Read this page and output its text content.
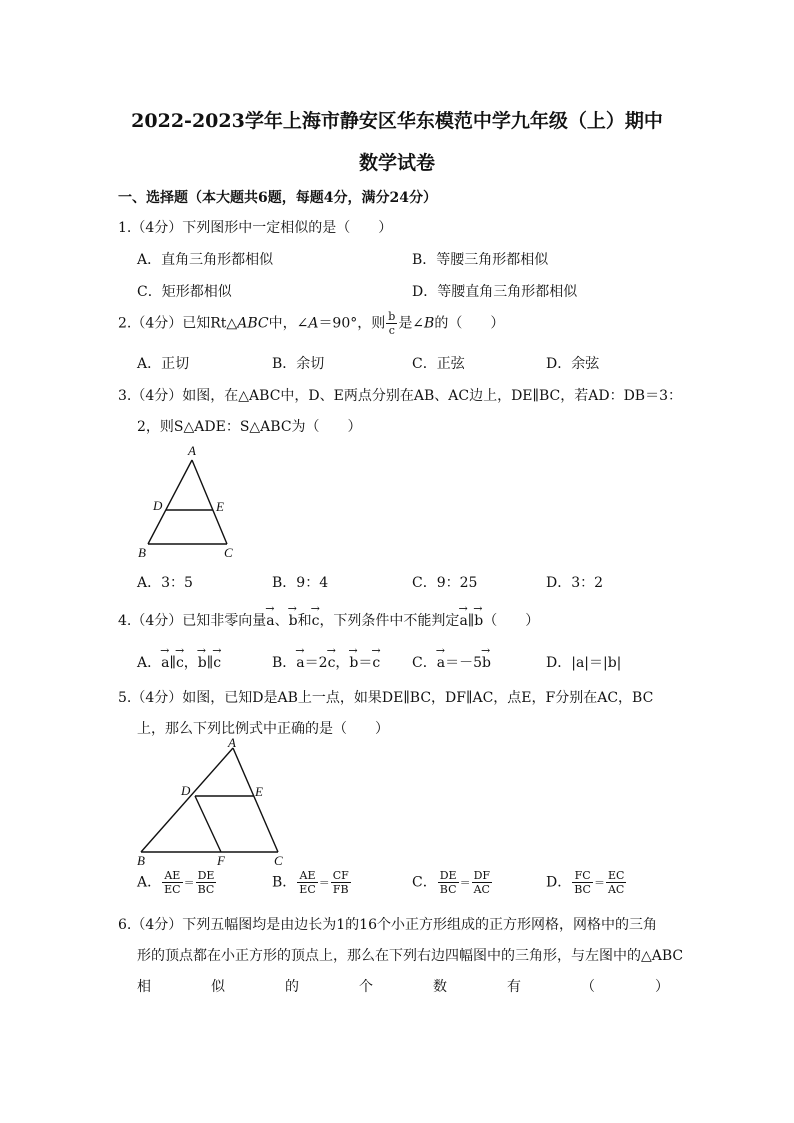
2022-2023学年上海市静安区华东模范中学九年级（上）期中
数学试卷
一、选择题（本大题共6题，每题4分，满分24分）
1.（4分）下列图形中一定相似的是（　　）
A．直角三角形都相似	B．等腰三角形都相似
C．矩形都相似	D．等腰直角三角形都相似
2.（4分）已知Rt△ABC中，∠A＝90°，则 $\frac{b}{c}$ 是∠B的（　　）
A．正切	B．余切	C．正弦	D．余弦
3.（4分）如图，在△ABC中，D、E两点分别在AB、AC边上，DE∥BC，若AD：DB＝3：
2，则S△ADE：S△ABC为（　　）
A
D	E
B	C
A．3：5	B．9：4	C．9：25	D．3：2
4.（4分）已知非零向量→ a、→ b和→ c，下列条件中不能判定→ a∥→ b（　　）
A．→ a∥→ c，→ b∥→ c	B．→ a＝2→ c，→ b＝→ c C．→ a＝－5→ b	D．|a|＝|b|
5.（4分）如图，已知D是AB上一点，如果DE∥BC，DF∥AC，点E，F分别在AC，BC
上，那么下列比例式中正确的是（　　）
A
D	E
B	F	C
A． $\frac{AE}{EC} = \frac{DE}{BC}$	B． $\frac{AE}{EC} = \frac{CF}{FB}$	C． $\frac{DE}{BC} = \frac{DF}{AC}$	D． $\frac{FC}{BC} = \frac{EC}{AC}$
6.（4分）下列五幅图均是由边长为1的16个小正方形组成的正方形网格，网格中的三角
形的顶点都在小正方形的顶点上，那么在下列右边四幅图中的三角形，与左图中的△ABC
相	似	的	个	数	有	（	）
